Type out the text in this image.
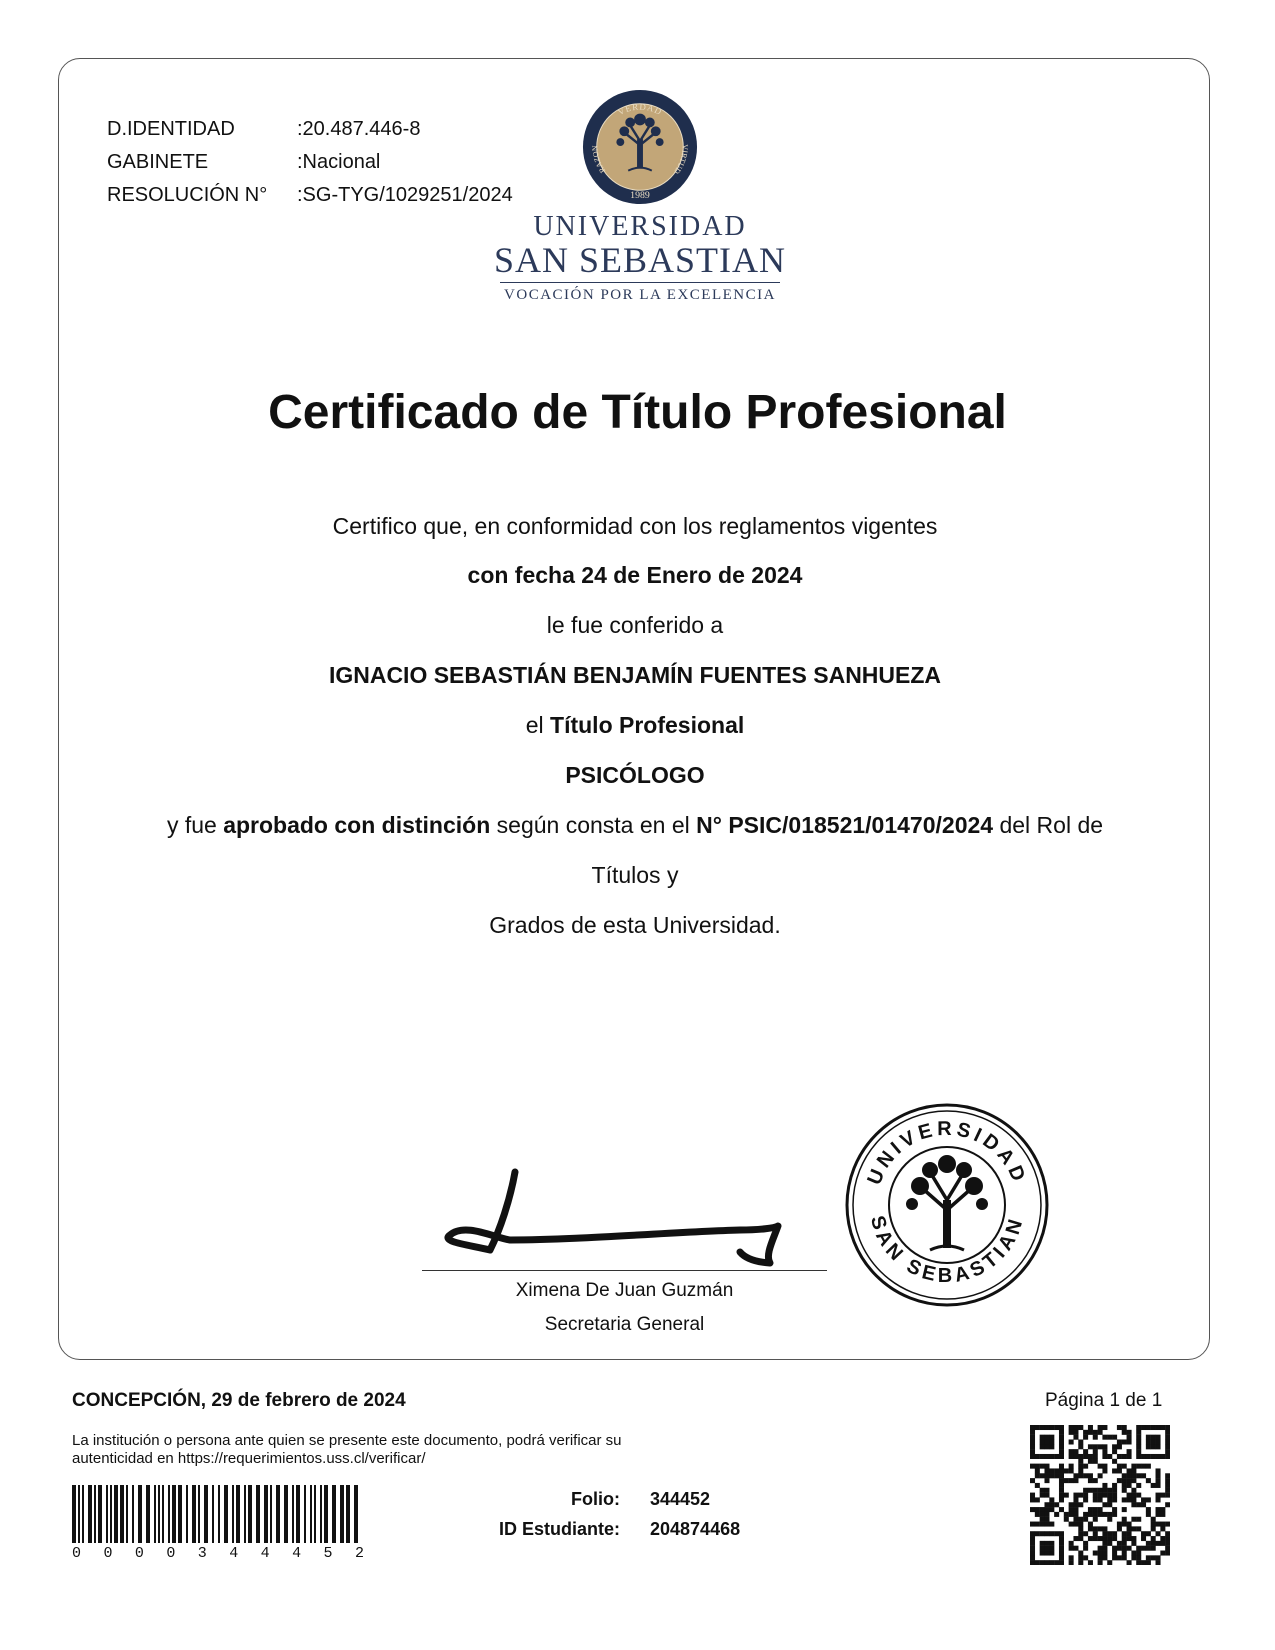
D.IDENTIDAD	:20.487.446-8
GABINETE	:Nacional
RESOLUCIÓN N°	:SG-TYG/1029251/2024
VERDAD
RAZON	VIRTUD
1989
UNIVERSIDAD
SAN SEBASTIAN
VOCACIÓN POR LA EXCELENCIA
Certificado de Título Profesional
Certifico que, en conformidad con los reglamentos vigentes
con fecha 24 de Enero de 2024
le fue conferido a
IGNACIO SEBASTIÁN BENJAMÍN FUENTES SANHUEZA
el Título Profesional
PSICÓLOGO
y fue aprobado con distinción según consta en el N° PSIC/018521/01470/2024 del Rol de
Títulos y
Grados de esta Universidad.
Ximena De Juan Guzmán
Secretaria General
UNIVERSIDAD
SAN SEBASTIAN
CONCEPCIÓN, 29 de febrero de 2024	Página 1 de 1
La institución o persona ante quien se presente este documento, podrá verificar su
autenticidad en https://requerimientos.uss.cl/verificar/
0 0 0 0 3 4 4 4 5 2
Folio: 344452
ID Estudiante: 204874468
